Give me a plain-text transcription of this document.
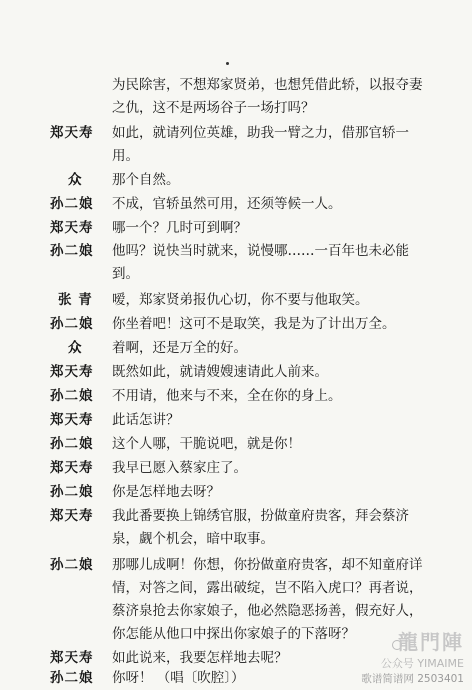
为民除害，不想郑家贤弟，也想凭借此轿，以报夺妻
之仇，这不是两场谷子一场打吗？
郑天寿	如此，就请列位英雄，助我一臂之力，借那官轿一
用。
众	那个自然。
孙二娘	不成，官轿虽然可用，还须等候一人。
郑天寿	哪一个？几时可到啊？
孙二娘	他吗？说快当时就来，说慢哪……一百年也未必能
到。
张 青	嗳，郑家贤弟报仇心切，你不要与他取笑。
孙二娘	你坐着吧！这可不是取笑，我是为了计出万全。
众	着啊，还是万全的好。
郑天寿	既然如此，就请嫂嫂速请此人前来。
孙二娘	不用请，他来与不来，全在你的身上。
郑天寿	此话怎讲？
孙二娘	这个人哪，干脆说吧，就是你！
郑天寿	我早已愿入蔡家庄了。
孙二娘	你是怎样地去呀？
郑天寿	我此番要换上锦绣官服，扮做童府贵客，拜会蔡济
泉，觑个机会，暗中取事。
孙二娘	那哪儿成啊！你想，你扮做童府贵客，却不知童府详
情，对答之间，露出破绽，岂不陷入虎口？再者说，
蔡济泉抢去你家娘子，他必然隐恶扬善，假充好人，
你怎能从他口中探出你家娘子的下落呀？
郑天寿	如此说来，我要怎样地去呢？
孙二娘	你呀！ （唱〔吹腔〕）
龍門陣
公众号 YIMAIME
歌谱简谱网 2503401
